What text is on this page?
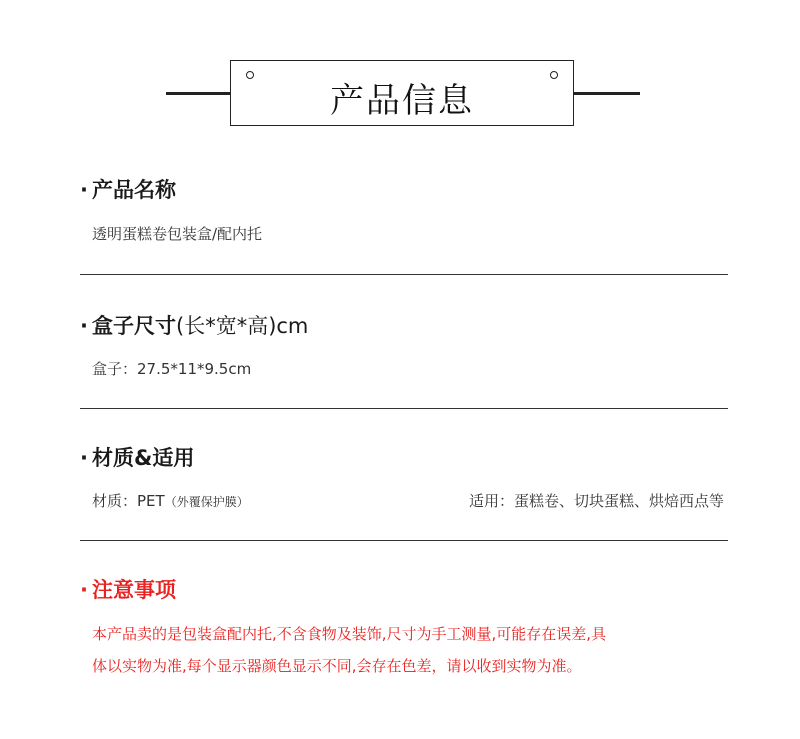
产品信息
· 产品名称
透明蛋糕卷包装盒/配内托
· 盒子尺寸(长*宽*高)cm
盒子：27.5*11*9.5cm
· 材质&适用
材质：PET（外覆保护膜）	适用：蛋糕卷、切块蛋糕、烘焙西点等
· 注意事项
本产品卖的是包装盒配内托,不含食物及装饰,尺寸为手工测量,可能存在误差,具
体以实物为准,每个显示器颜色显示不同,会存在色差，请以收到实物为准。
